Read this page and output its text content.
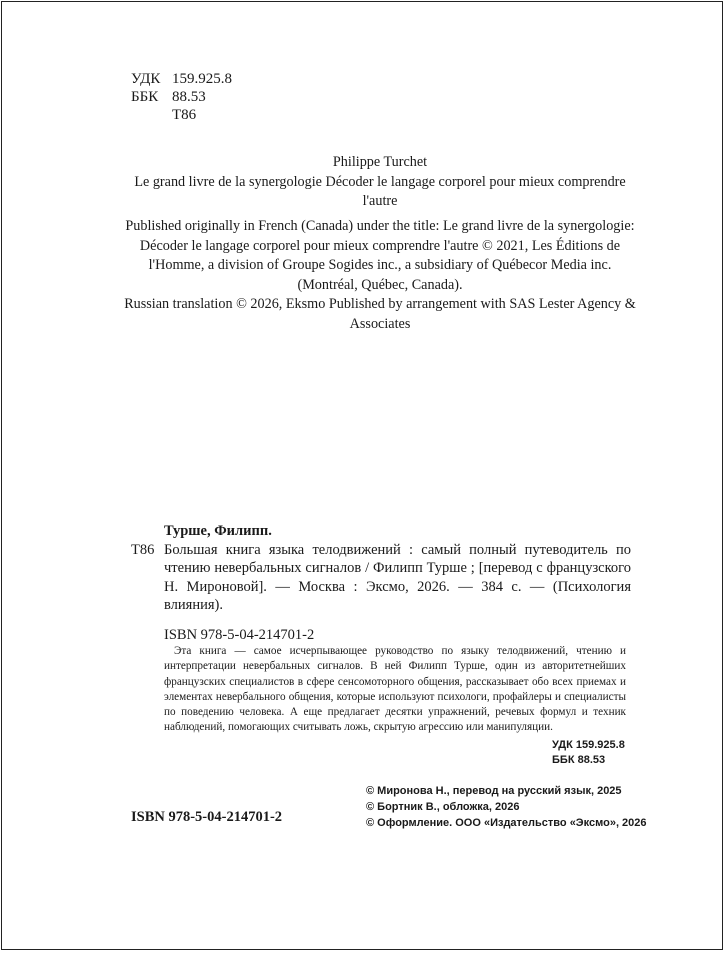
УДК 159.925.8
ББК 88.53
Т86
Philippe Turchet
Le grand livre de la synergologie Décoder le langage corporel pour mieux comprendre l'autre
Published originally in French (Canada) under the title: Le grand livre de la synergologie: Décoder le langage corporel pour mieux comprendre l'autre © 2021, Les Éditions de l'Homme, a division of Groupe Sogides inc., a subsidiary of Québecor Media inc. (Montréal, Québec, Canada).
Russian translation © 2026, Eksmo Published by arrangement with SAS Lester Agency & Associates
Турше, Филипп.
Т86 Большая книга языка телодвижений : самый полный путеводитель по чтению невербальных сигналов / Филипп Турше ; [перевод с французского Н. Мироновой]. — Москва : Эксмо, 2026. — 384 с. — (Психология влияния).
ISBN 978-5-04-214701-2
Эта книга — самое исчерпывающее руководство по языку телодвижений, чтению и интерпретации невербальных сигналов. В ней Филипп Турше, один из авторитетнейших французских специалистов в сфере сенсомоторного общения, рассказывает обо всех приемах и элементах невербального общения, которые используют психологи, профайлеры и специалисты по поведению человека. А еще предлагает десятки упражнений, речевых формул и техник наблюдений, помогающих считывать ложь, скрытую агрессию или манипуляции.
УДК 159.925.8
ББК 88.53
ISBN 978-5-04-214701-2
© Миронова Н., перевод на русский язык, 2025
© Бортник В., обложка, 2026
© Оформление. ООО «Издательство «Эксмо», 2026
